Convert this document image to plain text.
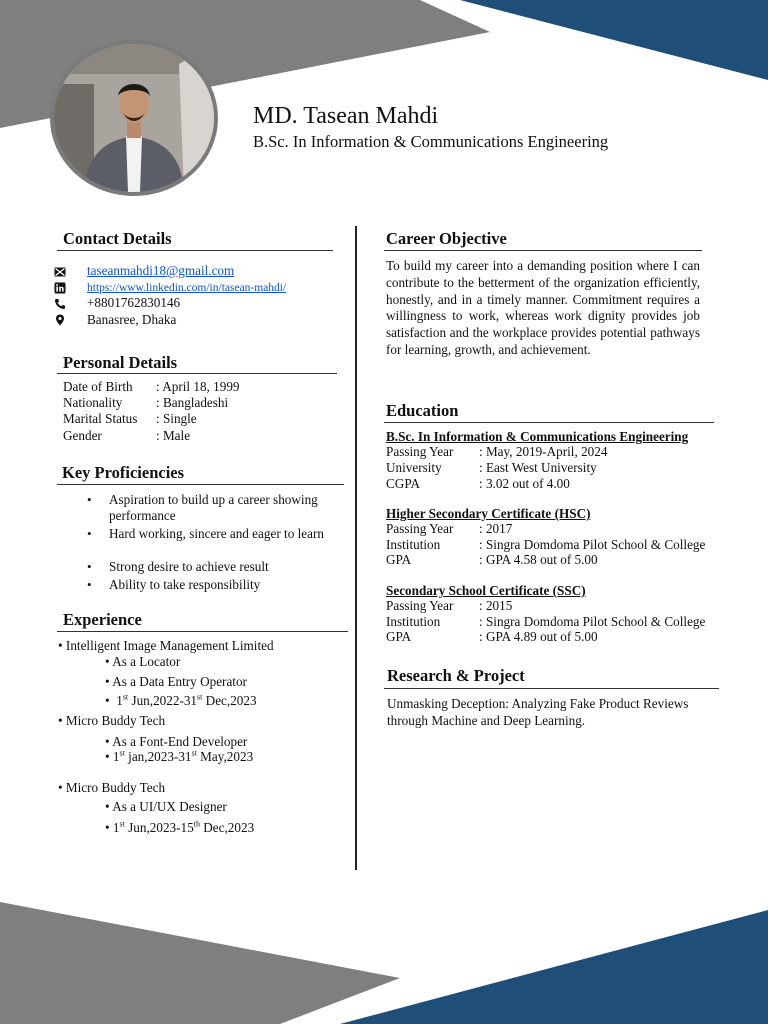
MD. Tasean Mahdi
B.Sc. In Information & Communications Engineering
Contact Details
taseanmahdi18@gmail.com
https://www.linkedin.com/in/tasean-mahdi/
+8801762830146
Banasree, Dhaka
Personal Details
Date of Birth : April 18, 1999
Nationality	: Bangladeshi
Marital Status : Single
Gender	: Male
Key Proficiencies
• Aspiration to build up a career showing performance
• Hard working, sincere and eager to learn
• Strong desire to achieve result
• Ability to take responsibility
Experience
• Intelligent Image Management Limited
• As a Locator
• As a Data Entry Operator
•  1st Jun,2022-31st Dec,2023
• Micro Buddy Tech
• As a Font-End Developer
• 1st jan,2023-31st May,2023
• Micro Buddy Tech
• As a UI/UX Designer
• 1st Jun,2023-15th Dec,2023
Career Objective
To build my career into a demanding position where I can contribute to the betterment of the organization efficiently, honestly, and in a timely manner. Commitment requires a willingness to work, whereas work dignity provides job satisfaction and the workplace provides potential pathways for learning, growth, and achievement.
Education
B.Sc. In Information & Communications Engineering
Passing Year : May, 2019-April, 2024
University	: East West University
CGPA	: 3.02 out of 4.00
Higher Secondary Certificate (HSC)
Passing Year : 2017
Institution	: Singra Domdoma Pilot School & College
GPA	: GPA 4.58 out of 5.00
Secondary School Certificate (SSC)
Passing Year : 2015
Institution	: Singra Domdoma Pilot School & College
GPA	: GPA 4.89 out of 5.00
Research & Project
Unmasking Deception: Analyzing Fake Product Reviews
through Machine and Deep Learning.
